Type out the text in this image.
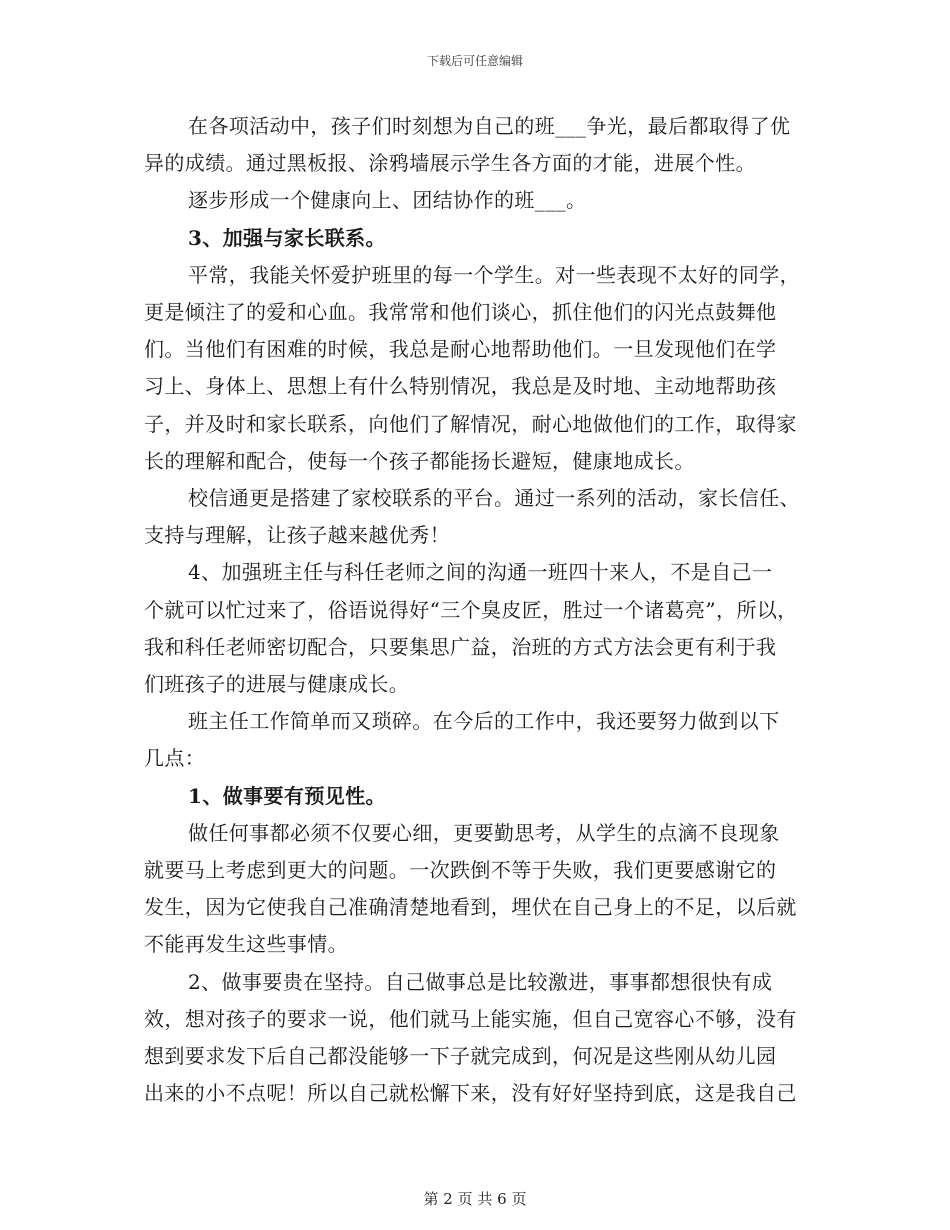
下载后可任意编辑

在各项活动中，孩子们时刻想为自己的班___争光，最后都取得了优

异的成绩。通过黑板报、涂鸦墙展示学生各方面的才能，进展个性。

逐步形成一个健康向上、团结协作的班___。

3、加强与家长联系。

平常，我能关怀爱护班里的每一个学生。对一些表现不太好的同学，

更是倾注了的爱和心血。我常常和他们谈心，抓住他们的闪光点鼓舞他

们。当他们有困难的时候，我总是耐心地帮助他们。一旦发现他们在学

习上、身体上、思想上有什么特别情况，我总是及时地、主动地帮助孩

子，并及时和家长联系，向他们了解情况，耐心地做他们的工作，取得家

长的理解和配合，使每一个孩子都能扬长避短，健康地成长。

校信通更是搭建了家校联系的平台。通过一系列的活动，家长信任、

支持与理解，让孩子越来越优秀！

4、加强班主任与科任老师之间的沟通一班四十来人，不是自己一

个就可以忙过来了，俗语说得好“三个臭皮匠，胜过一个诸葛亮”，所以，

我和科任老师密切配合，只要集思广益，治班的方式方法会更有利于我

们班孩子的进展与健康成长。

班主任工作简单而又琐碎。在今后的工作中，我还要努力做到以下

几点：

1、做事要有预见性。

做任何事都必须不仅要心细，更要勤思考，从学生的点滴不良现象

就要马上考虑到更大的问题。一次跌倒不等于失败，我们更要感谢它的

发生，因为它使我自己准确清楚地看到，埋伏在自己身上的不足，以后就

不能再发生这些事情。

2、做事要贵在坚持。自己做事总是比较激进，事事都想很快有成

效，想对孩子的要求一说，他们就马上能实施，但自己宽容心不够，没有

想到要求发下后自己都没能够一下子就完成到，何况是这些刚从幼儿园

出来的小不点呢！所以自己就松懈下来，没有好好坚持到底，这是我自己

第 2 页 共 6 页
